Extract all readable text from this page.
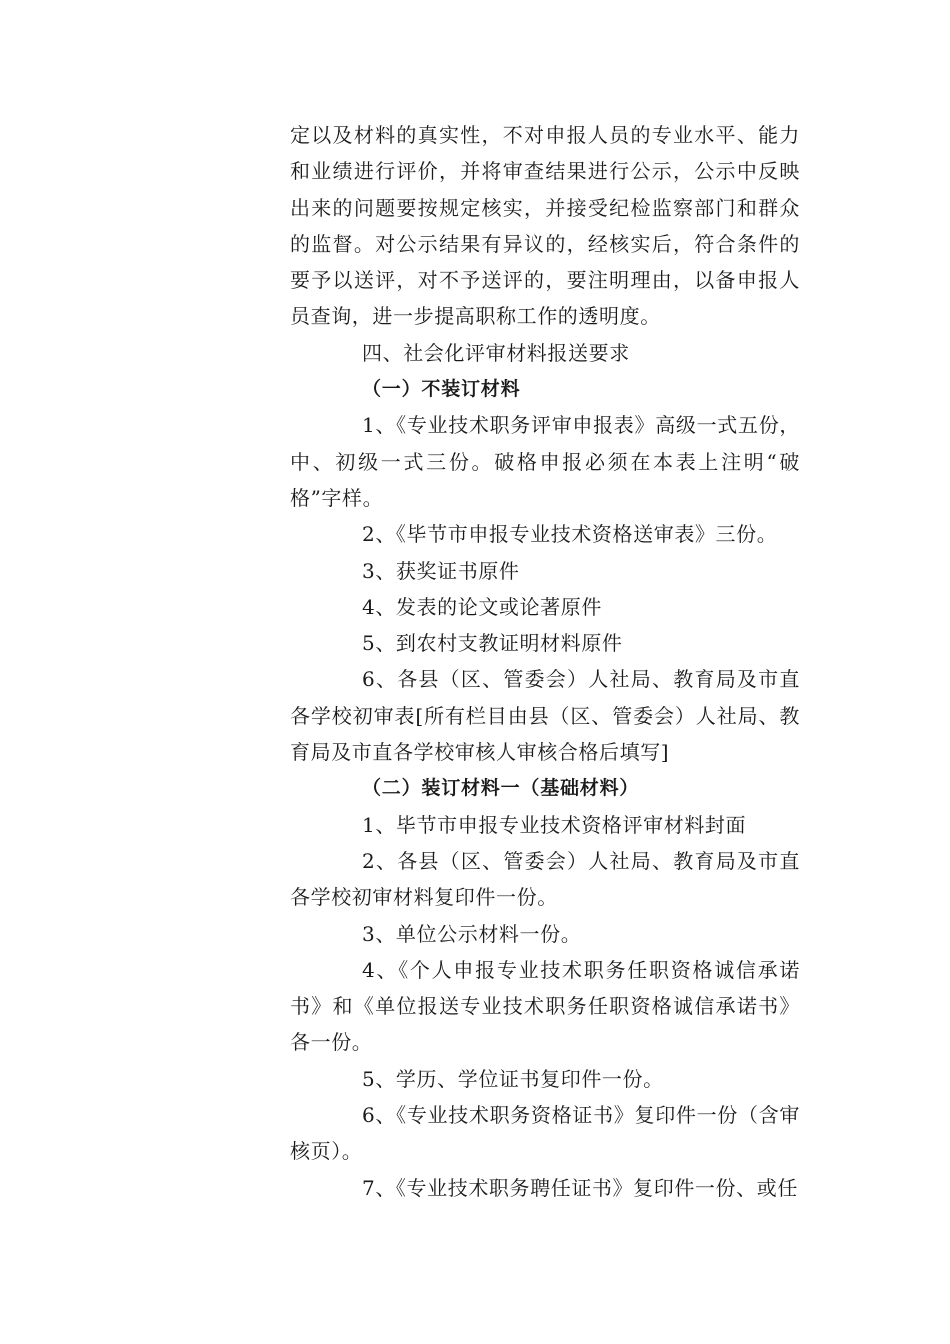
定以及材料的真实性，不对申报人员的专业水平、能力和业绩进行评价，并将审查结果进行公示，公示中反映出来的问题要按规定核实，并接受纪检监察部门和群众的监督。对公示结果有异议的，经核实后，符合条件的要予以送评，对不予送评的，要注明理由，以备申报人员查询，进一步提高职称工作的透明度。

四、社会化评审材料报送要求

（一）不装订材料

1、《专业技术职务评审申报表》高级一式五份，中、初级一式三份。破格申报必须在本表上注明“破格”字样。

2、《毕节市申报专业技术资格送审表》三份。

3、获奖证书原件

4、发表的论文或论著原件

5、到农村支教证明材料原件

6、各县（区、管委会）人社局、教育局及市直各学校初审表[所有栏目由县（区、管委会）人社局、教育局及市直各学校审核人审核合格后填写]

（二）装订材料一（基础材料）

1、毕节市申报专业技术资格评审材料封面

2、各县（区、管委会）人社局、教育局及市直各学校初审材料复印件一份。

3、单位公示材料一份。

4、《个人申报专业技术职务任职资格诚信承诺书》和《单位报送专业技术职务任职资格诚信承诺书》各一份。

5、学历、学位证书复印件一份。

6、《专业技术职务资格证书》复印件一份（含审核页）。

7、《专业技术职务聘任证书》复印件一份、或任
